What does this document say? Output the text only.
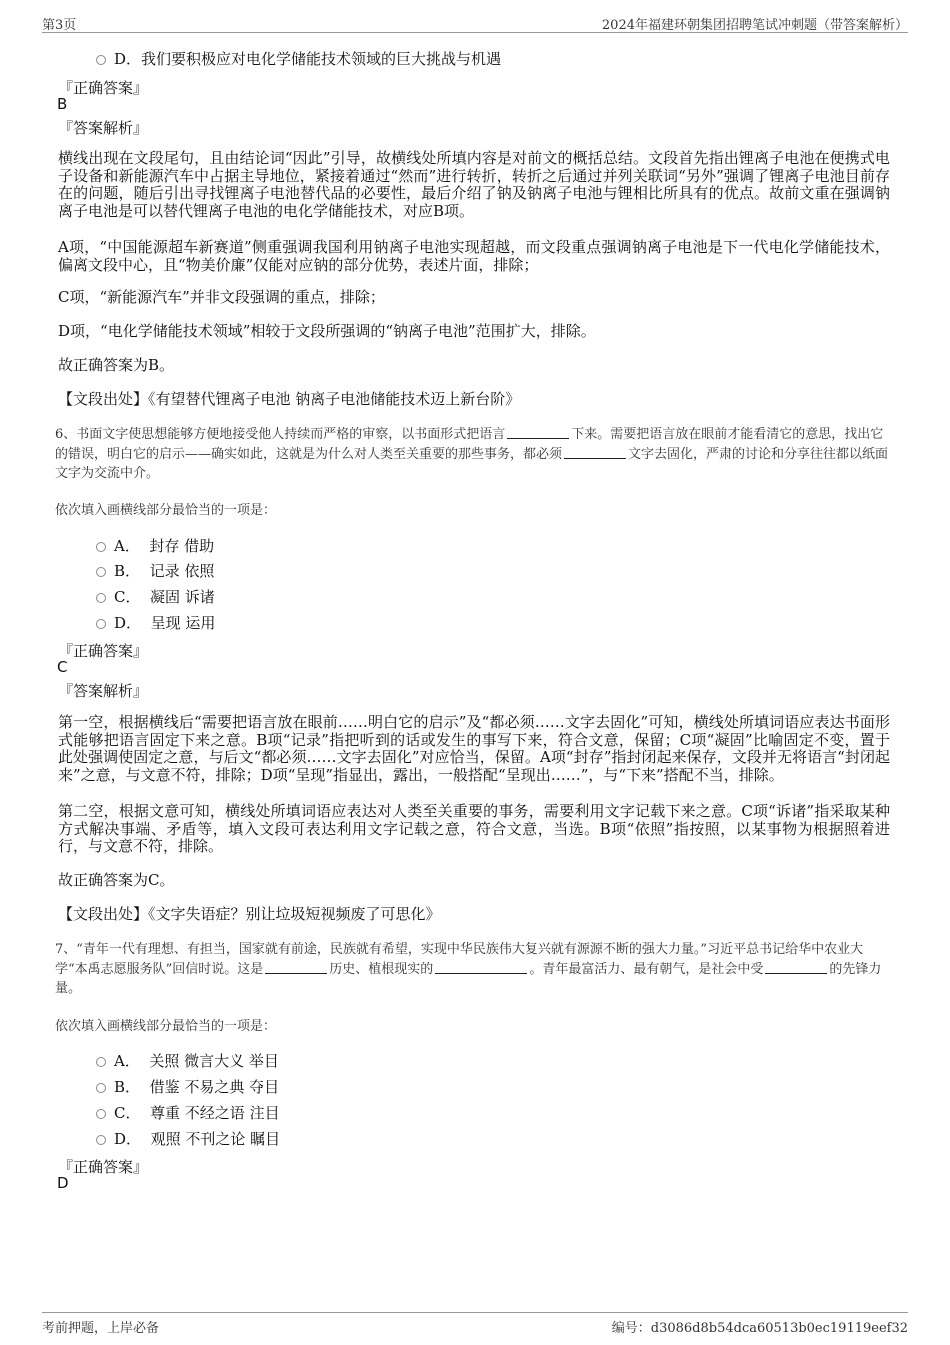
第3页	2024年福建环朝集团招聘笔试冲刺题（带答案解析）
D．我们要积极应对电化学储能技术领域的巨大挑战与机遇
『正确答案』
B
『答案解析』
横线出现在文段尾句，且由结论词“因此”引导，故横线处所填内容是对前文的概括总结。文段首先指出锂离子电池在便携式电子设备和新能源汽车中占据主导地位，紧接着通过“然而”进行转折，转折之后通过并列关联词“另外”强调了锂离子电池目前存在的问题，随后引出寻找锂离子电池替代品的必要性，最后介绍了钠及钠离子电池与锂相比所具有的优点。故前文重在强调钠离子电池是可以替代锂离子电池的电化学储能技术，对应B项。
A项，“中国能源超车新赛道”侧重强调我国利用钠离子电池实现超越，而文段重点强调钠离子电池是下一代电化学储能技术，偏离文段中心，且“物美价廉”仅能对应钠的部分优势，表述片面，排除；
C项，“新能源汽车”并非文段强调的重点，排除；
D项，“电化学储能技术领域”相较于文段所强调的“钠离子电池”范围扩大，排除。
故正确答案为B。
【文段出处】《有望替代锂离子电池 钠离子电池储能技术迈上新台阶》
6、书面文字使思想能够方便地接受他人持续而严格的审察，以书面形式把语言	下来。需要把语言放在眼前才能看清它的意思，找出它的错误，明白它的启示——确实如此，这就是为什么对人类至关重要的那些事务，都必须	文字去固化，严肃的讨论和分享往往都以纸面文字为交流中介。
依次填入画横线部分最恰当的一项是：
A． 封存 借助
B． 记录 依照
C． 凝固 诉诸
D． 呈现 运用
『正确答案』
C
『答案解析』
第一空，根据横线后“需要把语言放在眼前……明白它的启示”及“都必须……文字去固化”可知，横线处所填词语应表达书面形式能够把语言固定下来之意。B项“记录”指把听到的话或发生的事写下来，符合文意，保留；C项“凝固”比喻固定不变，置于此处强调使固定之意，与后文“都必须……文字去固化”对应恰当，保留。A项“封存”指封闭起来保存，文段并无将语言“封闭起来”之意，与文意不符，排除；D项“呈现”指显出，露出，一般搭配“呈现出……”，与“下来”搭配不当，排除。
第二空，根据文意可知，横线处所填词语应表达对人类至关重要的事务，需要利用文字记载下来之意。C项“诉诸”指采取某种方式解决事端、矛盾等，填入文段可表达利用文字记载之意，符合文意，当选。B项“依照”指按照，以某事物为根据照着进行，与文意不符，排除。
故正确答案为C。
【文段出处】《文字失语症？别让垃圾短视频废了可思化》
7、“青年一代有理想、有担当，国家就有前途，民族就有希望，实现中华民族伟大复兴就有源源不断的强大力量。”习近平总书记给华中农业大学“本禹志愿服务队”回信时说。这是	历史、植根现实的	。青年最富活力、最有朝气，是社会中受	的先锋力量。
依次填入画横线部分最恰当的一项是：
A． 关照 微言大义 举目
B． 借鉴 不易之典 夺目
C． 尊重 不经之语 注目
D． 观照 不刊之论 瞩目
『正确答案』
D
考前押题，上岸必备	编号：d3086d8b54dca60513b0ec19119eef32
